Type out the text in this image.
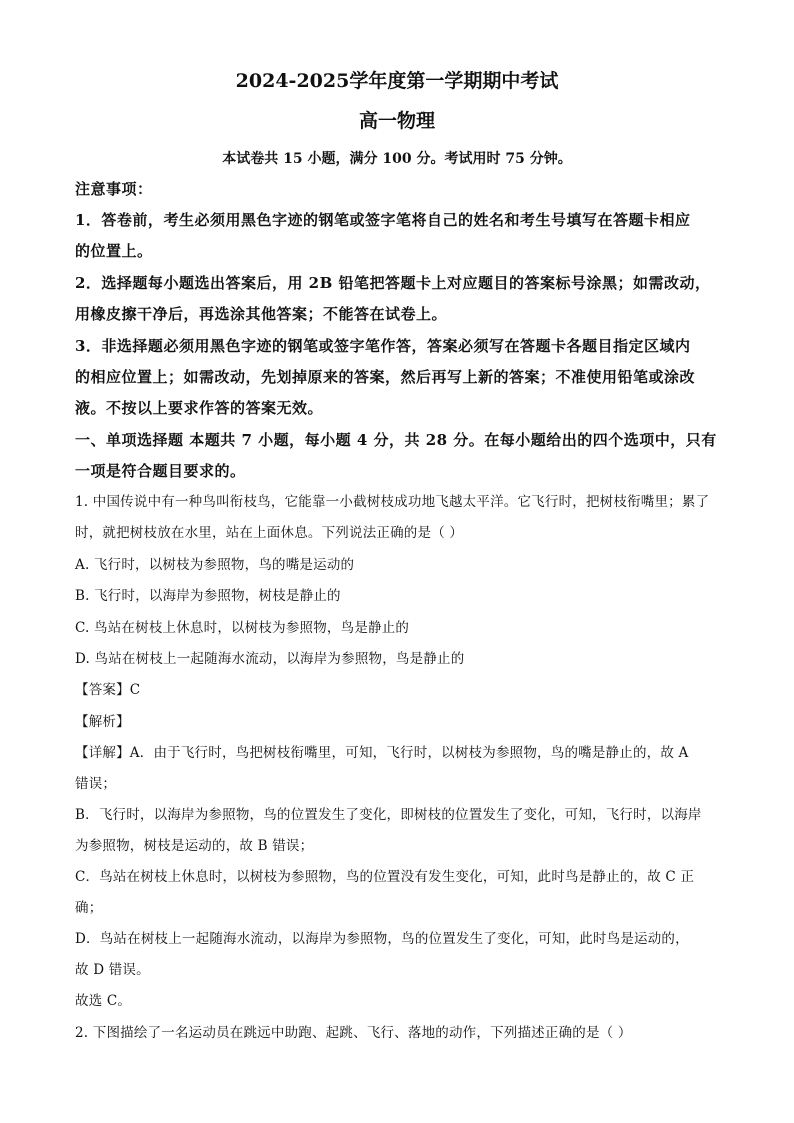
2024-2025学年度第一学期期中考试
高一物理
本试卷共 15 小题，满分 100 分。考试用时 75 分钟。
注意事项：
1．答卷前，考生必须用黑色字迹的钢笔或签字笔将自己的姓名和考生号填写在答题卡相应
的位置上。
2．选择题每小题选出答案后，用 2B 铅笔把答题卡上对应题目的答案标号涂黑；如需改动，
用橡皮擦干净后，再选涂其他答案；不能答在试卷上。
3．非选择题必须用黑色字迹的钢笔或签字笔作答，答案必须写在答题卡各题目指定区域内
的相应位置上；如需改动，先划掉原来的答案，然后再写上新的答案；不准使用铅笔或涂改
液。不按以上要求作答的答案无效。
一、单项选择题 本题共 7 小题，每小题 4 分，共 28 分。在每小题给出的四个选项中，只有
一项是符合题目要求的。
1. 中国传说中有一种鸟叫衔枝鸟，它能靠一小截树枝成功地飞越太平洋。它飞行时，把树枝衔嘴里；累了
时，就把树枝放在水里，站在上面休息。下列说法正确的是（ ）
A. 飞行时，以树枝为参照物，鸟的嘴是运动的
B. 飞行时，以海岸为参照物，树枝是静止的
C. 鸟站在树枝上休息时，以树枝为参照物，鸟是静止的
D. 鸟站在树枝上一起随海水流动，以海岸为参照物，鸟是静止的
【答案】C
【解析】
【详解】A．由于飞行时，鸟把树枝衔嘴里，可知，飞行时，以树枝为参照物，鸟的嘴是静止的，故 A
错误；
B．飞行时，以海岸为参照物，鸟的位置发生了变化，即树枝的位置发生了变化，可知，飞行时，以海岸
为参照物，树枝是运动的，故 B 错误；
C．鸟站在树枝上休息时，以树枝为参照物，鸟的位置没有发生变化，可知，此时鸟是静止的，故 C 正
确；
D．鸟站在树枝上一起随海水流动，以海岸为参照物，鸟的位置发生了变化，可知，此时鸟是运动的，
故 D 错误。
故选 C。
2. 下图描绘了一名运动员在跳远中助跑、起跳、飞行、落地的动作，下列描述正确的是（ ）
